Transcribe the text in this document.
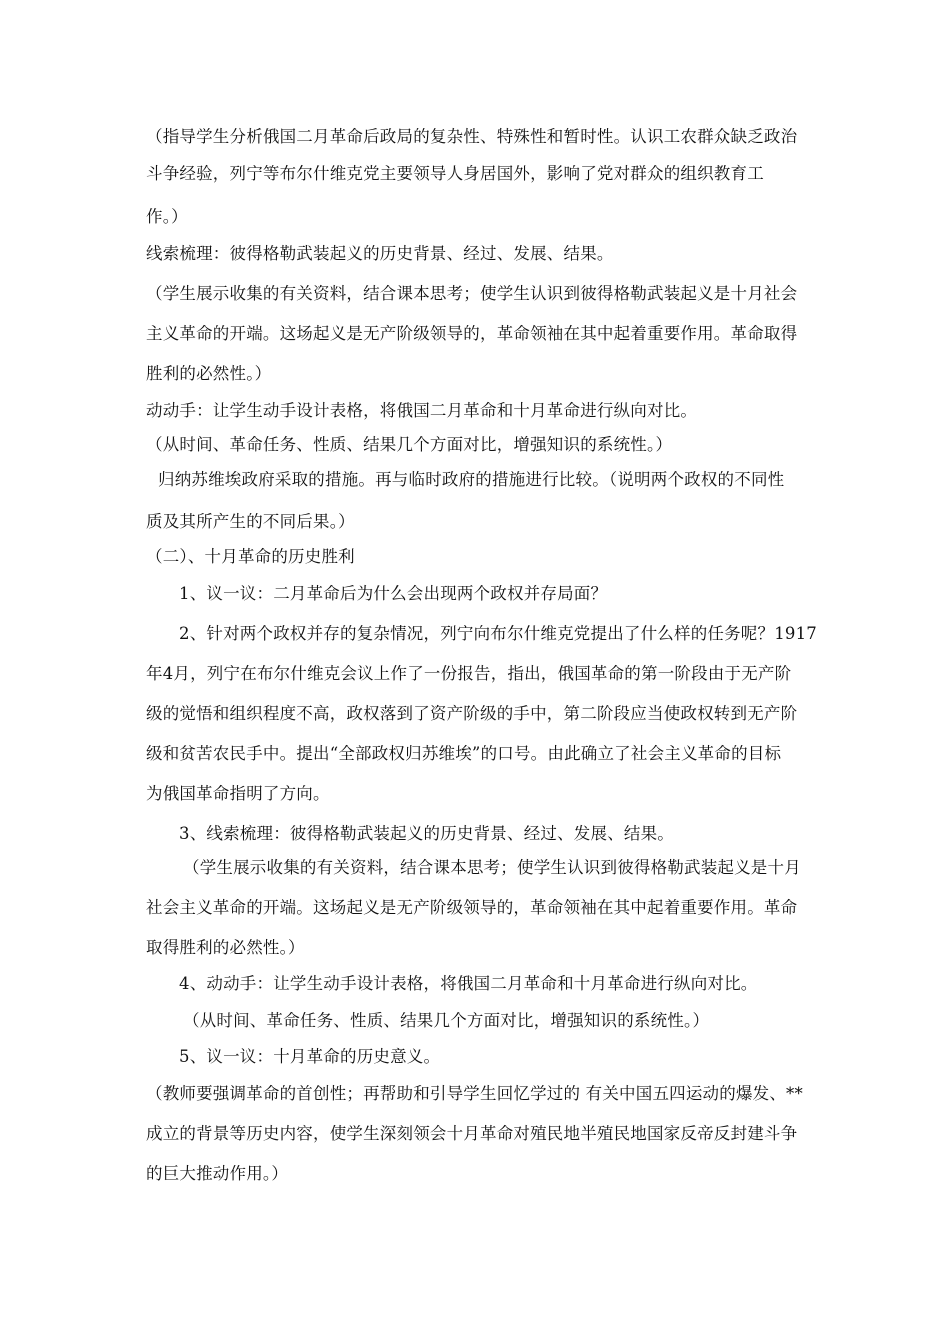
（指导学生分析俄国二月革命后政局的复杂性、特殊性和暂时性。认识工农群众缺乏政治
斗争经验，列宁等布尔什维克党主要领导人身居国外，影响了党对群众的组织教育工
作。）
线索梳理：彼得格勒武装起义的历史背景、经过、发展、结果。
（学生展示收集的有关资料，结合课本思考；使学生认识到彼得格勒武装起义是十月社会
主义革命的开端。这场起义是无产阶级领导的，革命领袖在其中起着重要作用。革命取得
胜利的必然性。）
动动手：让学生动手设计表格，将俄国二月革命和十月革命进行纵向对比。
（从时间、革命任务、性质、结果几个方面对比，增强知识的系统性。）
归纳苏维埃政府采取的措施。再与临时政府的措施进行比较。（说明两个政权的不同性
质及其所产生的不同后果。）
（二）、十月革命的历史胜利
1、议一议：二月革命后为什么会出现两个政权并存局面？
2、针对两个政权并存的复杂情况，列宁向布尔什维克党提出了什么样的任务呢？1917
年4月，列宁在布尔什维克会议上作了一份报告，指出，俄国革命的第一阶段由于无产阶
级的觉悟和组织程度不高，政权落到了资产阶级的手中，第二阶段应当使政权转到无产阶
级和贫苦农民手中。提出“全部政权归苏维埃”的口号。由此确立了社会主义革命的目标
为俄国革命指明了方向。
3、线索梳理：彼得格勒武装起义的历史背景、经过、发展、结果。
（学生展示收集的有关资料，结合课本思考；使学生认识到彼得格勒武装起义是十月
社会主义革命的开端。这场起义是无产阶级领导的，革命领袖在其中起着重要作用。革命
取得胜利的必然性。）
4、动动手：让学生动手设计表格，将俄国二月革命和十月革命进行纵向对比。
（从时间、革命任务、性质、结果几个方面对比，增强知识的系统性。）
5、议一议：十月革命的历史意义。
（教师要强调革命的首创性；再帮助和引导学生回忆学过的 有关中国五四运动的爆发、**
成立的背景等历史内容，使学生深刻领会十月革命对殖民地半殖民地国家反帝反封建斗争
的巨大推动作用。）
